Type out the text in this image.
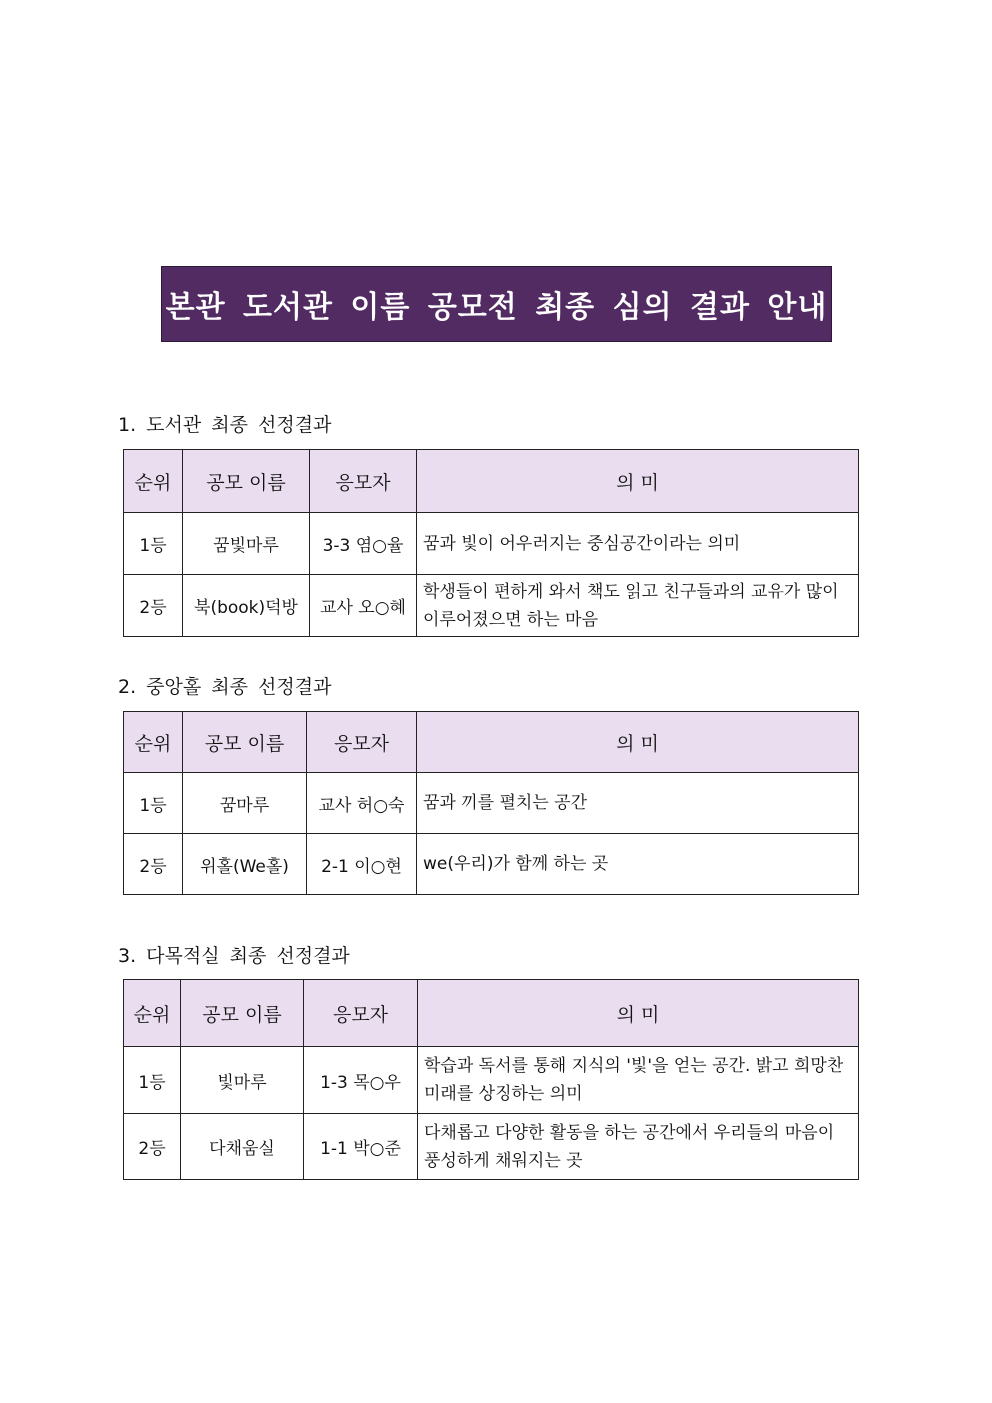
본관 도서관 이름 공모전 최종 심의 결과 안내
1. 도서관 최종 선정결과
순위	공모 이름	응모자	의 미
1등	꿈빛마루	3-3 염○율	꿈과 빛이 어우러지는 중심공간이라는 의미
2등	북(book)덕방	교사 오○혜	학생들이 편하게 와서 책도 읽고 친구들과의 교유가 많이 이루어졌으면 하는 마음
2. 중앙홀 최종 선정결과
순위	공모 이름	응모자	의 미
1등	꿈마루	교사 허○숙	꿈과 끼를 펼치는 공간
2등	위홀(We홀)	2-1 이○현	we(우리)가 함께 하는 곳
3. 다목적실 최종 선정결과
순위	공모 이름	응모자	의 미
1등	빛마루	1-3 목○우	학습과 독서를 통해 지식의 '빛'을 얻는 공간. 밝고 희망찬 미래를 상징하는 의미
2등	다채움실	1-1 박○준	다채롭고 다양한 활동을 하는 공간에서 우리들의 마음이 풍성하게 채워지는 곳
